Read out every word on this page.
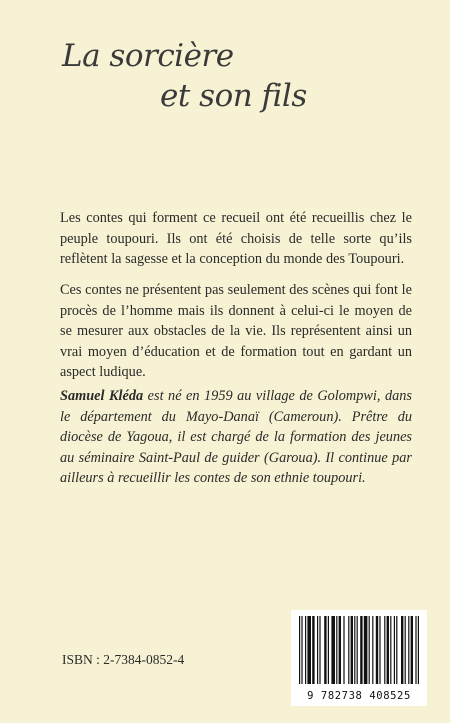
La sorcière
et son fils

Les contes qui forment ce recueil ont été recueillis chez le peuple toupouri. Ils ont été choisis de telle sorte qu’ils reflètent la sagesse et la conception du monde des Toupouri.

Ces contes ne présentent pas seulement des scènes qui font le procès de l’homme mais ils donnent à celui-ci le moyen de se mesurer aux obstacles de la vie. Ils représentent ainsi un vrai moyen d’éducation et de formation tout en gardant un aspect ludique.

Samuel Kléda est né en 1959 au village de Golompwi, dans le département du Mayo-Danaï (Cameroun). Prêtre du diocèse de Yagoua, il est chargé de la formation des jeunes au séminaire Saint-Paul de guider (Garoua). Il continue par ailleurs à recueillir les contes de son ethnie toupouri.

ISBN : 2-7384-0852-4
9 782738 408525
